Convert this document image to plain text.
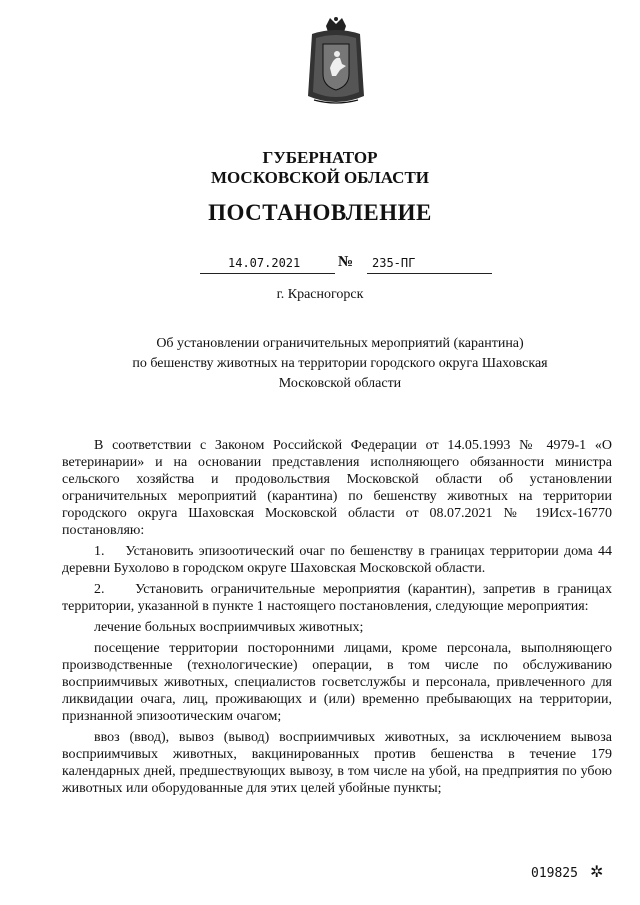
ГУБЕРНАТОР
МОСКОВСКОЙ ОБЛАСТИ
ПОСТАНОВЛЕНИЕ
14.07.2021	№ 235-ПГ
г. Красногорск
Об установлении ограничительных мероприятий (карантина)
по бешенству животных на территории городского округа Шаховская
Московской области

В соответствии с Законом Российской Федерации от 14.05.1993 № 4979-1 «О ветеринарии» и на основании представления исполняющего обязанности министра сельского хозяйства и продовольствия Московской области об установлении ограничительных мероприятий (карантина) по бешенству животных на территории городского округа Шаховская Московской области от 08.07.2021 № 19Исх-16770 постановляю:

1.    Установить эпизоотический очаг по бешенству в границах территории дома 44 деревни Бухолово в городском округе Шаховская Московской области.

2.    Установить ограничительные мероприятия (карантин), запретив в границах территории, указанной в пункте 1 настоящего постановления, следующие мероприятия:

лечение больных восприимчивых животных;

посещение территории посторонними лицами, кроме персонала, выполняющего производственные (технологические) операции, в том числе по обслуживанию восприимчивых животных, специалистов госветслужбы и персонала, привлеченного для ликвидации очага, лиц, проживающих и (или) временно пребывающих на территории, признанной эпизоотическим очагом;

ввоз (ввод), вывоз (вывод) восприимчивых животных, за исключением вывоза восприимчивых животных, вакцинированных против бешенства в течение 179 календарных дней, предшествующих вывозу, в том числе на убой, на предприятия по убою животных или оборудованные для этих целей убойные пункты;

019825 ✲
